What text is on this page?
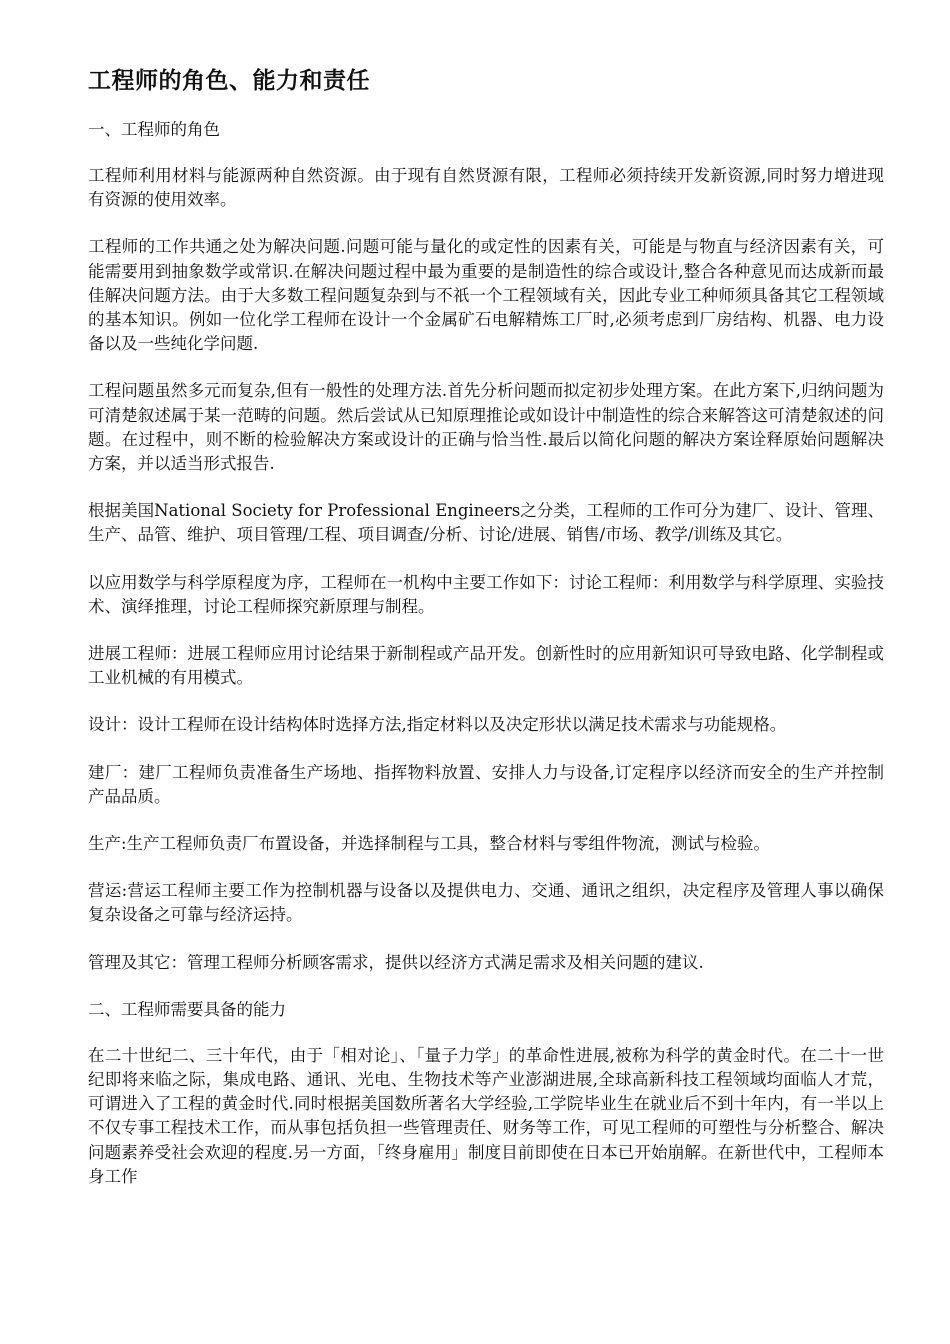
工程师的角色、能力和责任
一、工程师的角色

工程师利用材料与能源两种自然资源。由于现有自然贤源有限，工程师必须持续开发新资源,同时努力增进现有资源的使用效率。

工程师的工作共通之处为解决问题.问题可能与量化的或定性的因素有关，可能是与物直与经济因素有关，可能需要用到抽象数学或常识.在解决问题过程中最为重要的是制造性的综合或设计,整合各种意见而达成新而最佳解决问题方法。由于大多数工程问题复杂到与不祇一个工程领域有关，因此专业工种师须具备其它工程领域的基本知识。例如一位化学工程师在设计一个金属矿石电解精炼工厂时,必须考虑到厂房结构、机器、电力设备以及一些纯化学问题.

工程问题虽然多元而复杂,但有一般性的处理方法.首先分析问题而拟定初步处理方案。在此方案下,归纳问题为可清楚叙述属于某一范畴的问题。然后尝试从已知原理推论或如设计中制造性的综合来解答这可清楚叙述的问题。在过程中，则不断的检验解决方案或设计的正确与恰当性.最后以简化问题的解决方案诠释原始问题解决方案，并以适当形式报告.

根据美国National Society for Professional Engineers之分类，工程师的工作可分为建厂、设计、管理、生产、品管、维护、项目管理/工程、项目调查/分析、讨论/进展、销售/市场、教学/训练及其它。

以应用数学与科学原程度为序，工程师在一机构中主要工作如下：讨论工程师：利用数学与科学原理、实验技术、演绎推理，讨论工程师探究新原理与制程。

进展工程师：进展工程师应用讨论结果于新制程或产品开发。创新性时的应用新知识可导致电路、化学制程或工业机械的有用模式。

设计：设计工程师在设计结构体时选择方法,指定材料以及决定形状以满足技术需求与功能规格。

建厂：建厂工程师负责准备生产场地、指挥物料放置、安排人力与设备,订定程序以经济而安全的生产并控制产品品质。

生产:生产工程师负责厂布置设备，并选择制程与工具，整合材料与零组件物流，测试与检验。

营运:营运工程师主要工作为控制机器与设备以及提供电力、交通、通讯之组织，决定程序及管理人事以确保复杂设备之可靠与经济运持。

管理及其它：管理工程师分析顾客需求，提供以经济方式满足需求及相关问题的建议.

二、工程师需要具备的能力

在二十世纪二、三十年代，由于「相对论」、「量子力学」的革命性进展,被称为科学的黄金时代。在二十一世纪即将来临之际，集成电路、通讯、光电、生物技术等产业澎湖进展,全球高新科技工程领域均面临人才荒，可谓进入了工程的黄金时代.同时根据美国数所著名大学经验,工学院毕业生在就业后不到十年内，有一半以上不仅专事工程技术工作，而从事包括负担一些管理责任、财务等工作，可见工程师的可塑性与分析整合、解决问题素养受社会欢迎的程度.另一方面，「终身雇用」制度目前即使在日本已开始崩解。在新世代中，工程师本身工作
